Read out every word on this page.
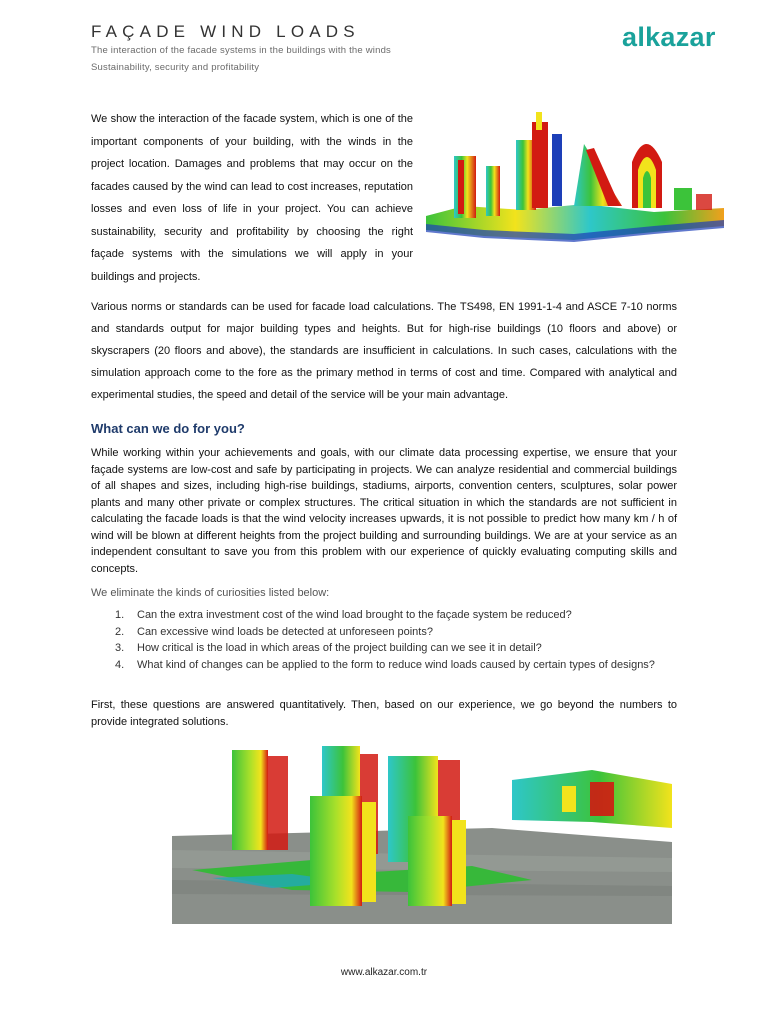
FAÇADE WIND LOADS
The interaction of the facade systems in the buildings with the winds
Sustainability, security and profitability
alkazar

We show the interaction of the facade system, which is one of the important components of your building, with the winds in the project location. Damages and problems that may occur on the facades caused by the wind can lead to cost increases, reputation losses and even loss of life in your project. You can achieve sustainability, security and profitability by choosing the right façade systems with the simulations we will apply in your buildings and projects.

Various norms or standards can be used for facade load calculations. The TS498, EN 1991-1-4 and ASCE 7-10 norms and standards output for major building types and heights. But for high-rise buildings (10 floors and above) or skyscrapers (20 floors and above), the standards are insufficient in calculations. In such cases, calculations with the simulation approach come to the fore as the primary method in terms of cost and time. Compared with analytical and experimental studies, the speed and detail of the service will be your main advantage.

What can we do for you?

While working within your achievements and goals, with our climate data processing expertise, we ensure that your façade systems are low-cost and safe by participating in projects. We can analyze residential and commercial buildings of all shapes and sizes, including high-rise buildings, stadiums, airports, convention centers, sculptures, solar power plants and many other private or complex structures. The critical situation in which the standards are not sufficient in calculating the facade loads is that the wind velocity increases upwards, it is not possible to predict how many km / h of wind will be blown at different heights from the project building and surrounding buildings. We are at your service as an independent consultant to save you from this problem with our experience of quickly evaluating computing skills and concepts.

We eliminate the kinds of curiosities listed below:

1. Can the extra investment cost of the wind load brought to the façade system be reduced?
2. Can excessive wind loads be detected at unforeseen points?
3. How critical is the load in which areas of the project building can we see it in detail?
4. What kind of changes can be applied to the form to reduce wind loads caused by certain types of designs?

First, these questions are answered quantitatively. Then, based on our experience, we go beyond the numbers to provide integrated solutions.

www.alkazar.com.tr
